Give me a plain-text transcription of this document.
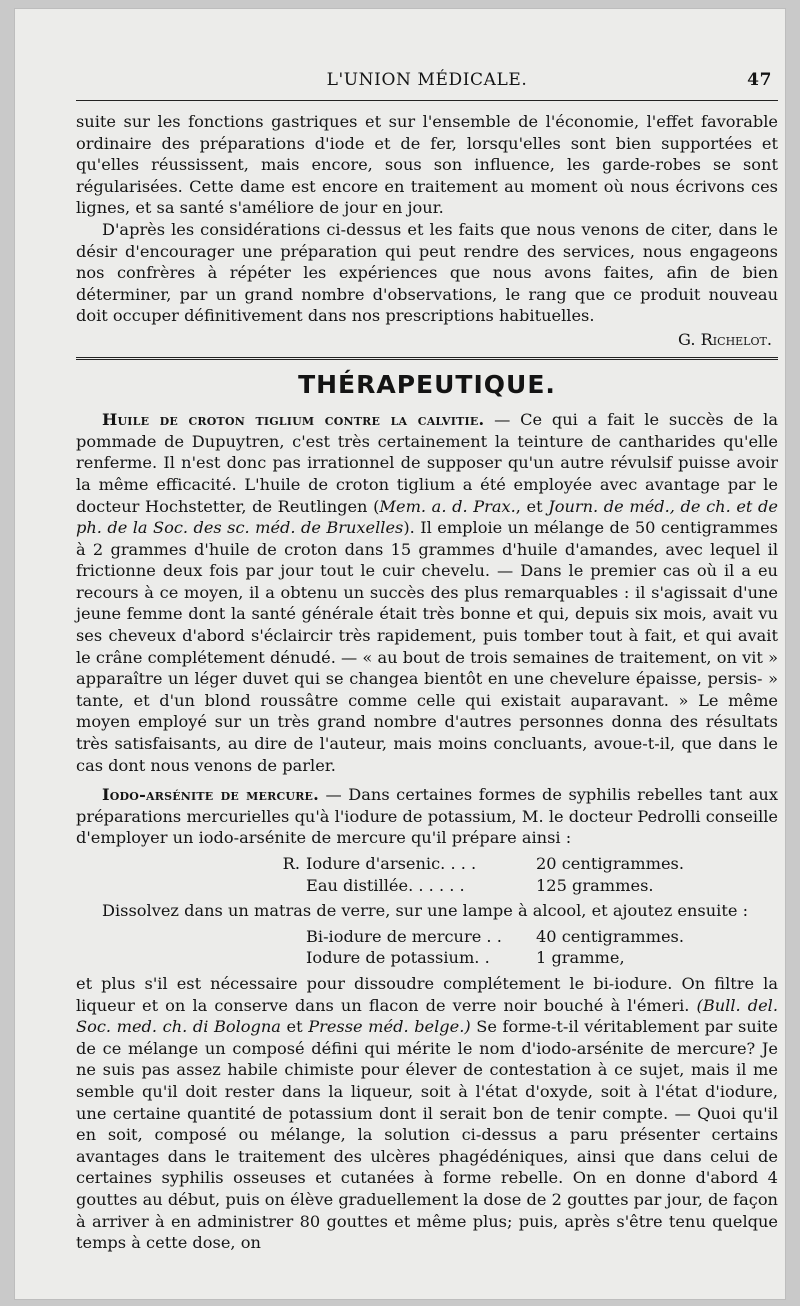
L'UNION MÉDICALE.	47

suite sur les fonctions gastriques et sur l'ensemble de l'économie, l'effet favorable ordinaire des préparations d'iode et de fer, lorsqu'elles sont bien supportées et qu'elles réussissent, mais encore, sous son influence, les garde-robes se sont régularisées. Cette dame est encore en traitement au moment où nous écrivons ces lignes, et sa santé s'améliore de jour en jour.

D'après les considérations ci-dessus et les faits que nous venons de citer, dans le désir d'encourager une préparation qui peut rendre des services, nous engageons nos confrères à répéter les expériences que nous avons faites, afin de bien déterminer, par un grand nombre d'observations, le rang que ce produit nouveau doit occuper définitivement dans nos prescriptions habituelles.

G. Richelot.
THÉRAPEUTIQUE.

Huile de croton tiglium contre la calvitie. — Ce qui a fait le succès de la pommade de Dupuytren, c'est très certainement la teinture de cantharides qu'elle renferme. Il n'est donc pas irrationnel de supposer qu'un autre révulsif puisse avoir la même efficacité. L'huile de croton tiglium a été employée avec avantage par le docteur Hochstetter, de Reutlingen (Mem. a. d. Prax., et Journ. de méd., de ch. et de ph. de la Soc. des sc. méd. de Bruxelles). Il emploie un mélange de 50 centigrammes à 2 grammes d'huile de croton dans 15 grammes d'huile d'amandes, avec lequel il frictionne deux fois par jour tout le cuir chevelu. — Dans le premier cas où il a eu recours à ce moyen, il a obtenu un succès des plus remarquables : il s'agissait d'une jeune femme dont la santé générale était très bonne et qui, depuis six mois, avait vu ses cheveux d'abord s'éclaircir très rapidement, puis tomber tout à fait, et qui avait le crâne complétement dénudé. — « au bout de trois semaines de traitement, on vit » apparaître un léger duvet qui se changea bientôt en une chevelure épaisse, persis- » tante, et d'un blond roussâtre comme celle qui existait auparavant. » Le même moyen employé sur un très grand nombre d'autres personnes donna des résultats très satisfaisants, au dire de l'auteur, mais moins concluants, avoue-t-il, que dans le cas dont nous venons de parler.

Iodo-arsénite de mercure. — Dans certaines formes de syphilis rebelles tant aux préparations mercurielles qu'à l'iodure de potassium, M. le docteur Pedrolli conseille d'employer un iodo-arsénite de mercure qu'il prépare ainsi :

R. Iodure d'arsenic. . . .	20 centigrammes.
Eau distillée. . . . . .	125 grammes.

Dissolvez dans un matras de verre, sur une lampe à alcool, et ajoutez ensuite :

Bi-iodure de mercure . .	40 centigrammes.
Iodure de potassium. .	1 gramme,

et plus s'il est nécessaire pour dissoudre complétement le bi-iodure. On filtre la liqueur et on la conserve dans un flacon de verre noir bouché à l'émeri. (Bull. del. Soc. med. ch. di Bologna et Presse méd. belge.) Se forme-t-il véritablement par suite de ce mélange un composé défini qui mérite le nom d'iodo-arsénite de mercure? Je ne suis pas assez habile chimiste pour élever de contestation à ce sujet, mais il me semble qu'il doit rester dans la liqueur, soit à l'état d'oxyde, soit à l'état d'iodure, une certaine quantité de potassium dont il serait bon de tenir compte. — Quoi qu'il en soit, composé ou mélange, la solution ci-dessus a paru présenter certains avantages dans le traitement des ulcères phagédéniques, ainsi que dans celui de certaines syphilis osseuses et cutanées à forme rebelle. On en donne d'abord 4 gouttes au début, puis on élève graduellement la dose de 2 gouttes par jour, de façon à arriver à en administrer 80 gouttes et même plus; puis, après s'être tenu quelque temps à cette dose, on
